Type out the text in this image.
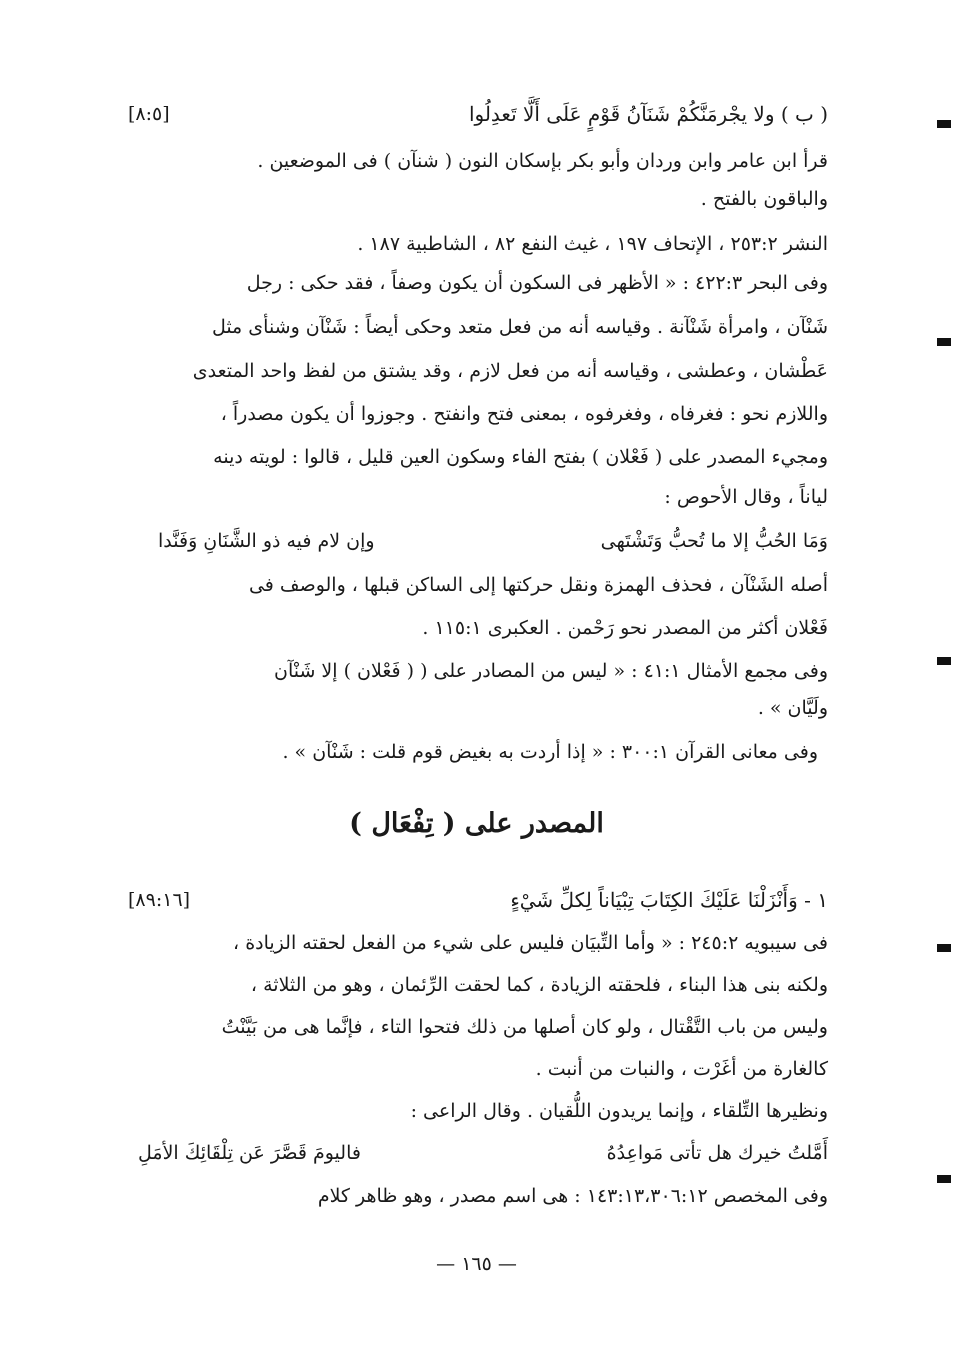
( ب ) ولا يجْرمَنَّكُمْ شَنَآنُ قَوْمٍ عَلَى أَلَّا تَعدِلُوا
[٨:٥]
قرأ ابن عامر وابن وردان وأبو بكر بإسكان النون ( شنآن ) فى الموضعين .
والباقون بالفتح .
النشر ٢٥٣:٢ ، الإتحاف ١٩٧ ، غيث النفع ٨٢ ، الشاطبية ١٨٧ .
وفى البحر ٤٢٢:٣ : « الأظهر فى السكون أن يكون وصفاً ، فقد حكى : رجل
شَنْآن ، وامرأة شَنْآنة . وقياسه أنه من فعل متعد وحكى أيضاً : شَنْآن وشنأى مثل
عَطْشان ، وعطشى ، وقياسه أنه من فعل لازم ، وقد يشتق من لفظ واحد المتعدى
واللازم نحو : فغرفاه ، وفغرفوه ، بمعنى فتح وانفتح . وجوزوا أن يكون مصدراً ،
ومجيء المصدر على ( فَعْلان ) بفتح الفاء وسكون العين قليل ، قالوا : لويته دينه
لياناً ، وقال الأحوص :
وَمَا الحُبُّ إلا ما تُحبُّ وَتَشْتَهى
وإن لام فيه ذو الشَّنَانِ وَفَنَّدا
أصله الشَنْآن ، فحذف الهمزة ونقل حركتها إلى الساكن قبلها ، والوصف فى
فَعْلان أكثر من المصدر نحو رَحْمن . العكبرى ١١٥:١ .
وفى مجمع الأمثال ٤١:١ : « ليس من المصادر على ( ( فَعْلان ) إلا شَنْآن
ولَيَّان » .
وفى معانى القرآن ٣٠٠:١ : « إذا أردت به بغيض قوم قلت : شَنْآن » .
المصدر على ( تِفْعَال )
١ - وَأَنْزَلْنَا عَلَيْكَ الكِتَابَ تِبْيَاناً لِكلِّ شَيْءٍ
[٨٩:١٦]
فى سيبويه ٢٤٥:٢ : « وأما التِّبيَان فليس على شيء من الفعل لحقته الزيادة ،
ولكنه بنى هذا البناء ، فلحقته الزيادة ، كما لحقت الرِّئمان ، وهو من الثلاثة ،
وليس من باب التَّقْتال ، ولو كان أصلها من ذلك فتحوا التاء ، فإنَّما هى من بَيَّنْتُ
كالغارة من أغَرْت ، والنبات من أنبت .
ونظيرها التِّلقاء ، وإنما يريدون اللُّقيان . وقال الراعى :
أَمَّلتُ خيرك هل تأتى مَواعِدُهُ
فاليومَ قَصَّرَ عَن تِلْقَائِكَ الأمَلِ
وفى المخصص ١٤٣:١٣،٣٠٦:١٢ : هى اسم مصدر ، وهو ظاهر كلام
— ١٦٥ —
